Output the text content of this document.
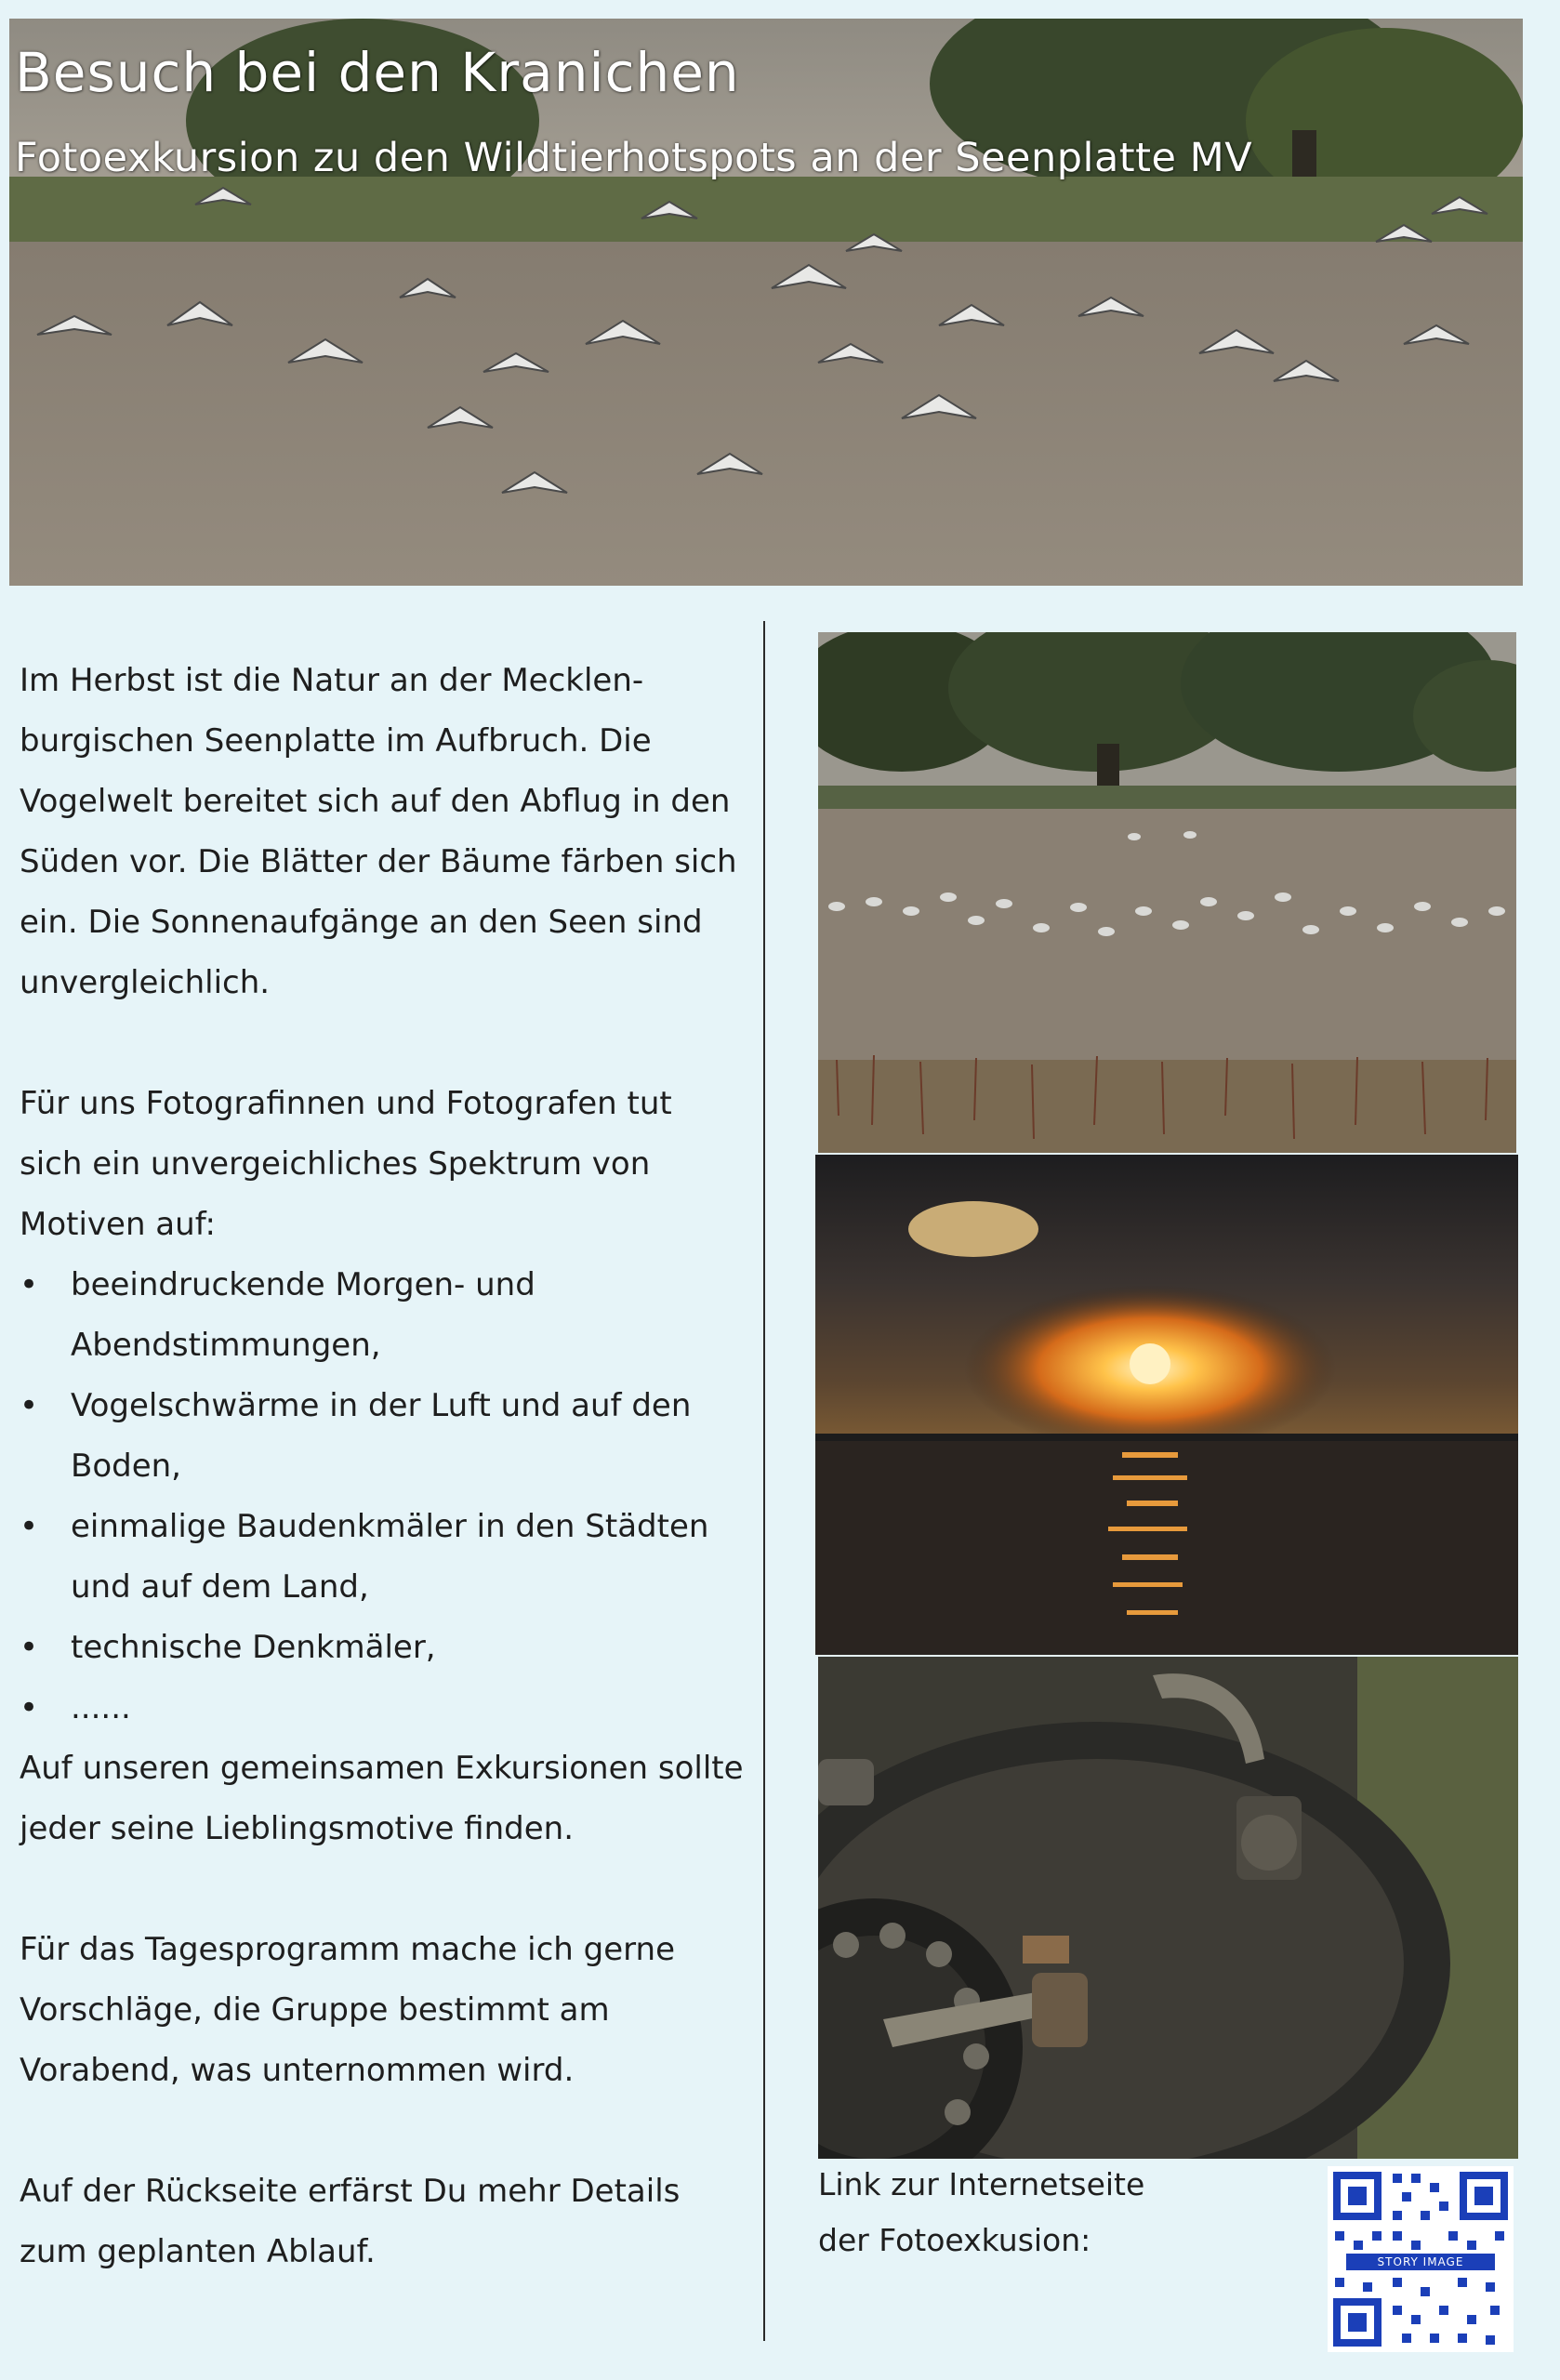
Besuch bei den Kranichen
Fotoexkursion zu den Wildtierhotspots an der Seenplatte MV

Im Herbst ist die Natur an der Mecklen-

burgischen Seenplatte im Aufbruch. Die

Vogelwelt bereitet sich auf den Abflug in den

Süden vor. Die Blätter der Bäume färben sich

ein. Die Sonnenaufgänge an den Seen sind

unvergleichlich.

Für uns Fotografinnen und Fotografen tut

sich ein unvergeichliches Spektrum von

Motiven auf:

• beeindruckende Morgen- und
Abendstimmungen,
• Vogelschwärme in der Luft und auf den
Boden,
• einmalige Baudenkmäler in den Städten
und auf dem Land,
• technische Denkmäler,
• ......

Auf unseren gemeinsamen Exkursionen sollte

jeder seine Lieblingsmotive finden.

Für das Tagesprogramm mache ich gerne

Vorschläge, die Gruppe bestimmt am

Vorabend, was unternommen wird.

Auf der Rückseite erfärst Du mehr Details

zum geplanten Ablauf.

Link zur Internetseite
der Fotoexkusion:
STORY IMAGE
